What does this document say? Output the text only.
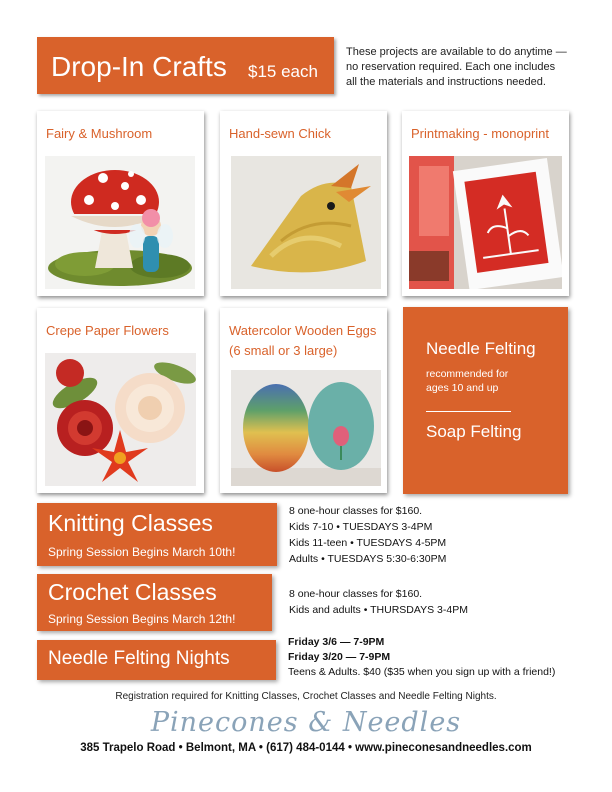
Drop-In Crafts $15 each
These projects are available to do anytime —
no reservation required. Each one includes
all the materials and instructions needed.
Fairy & Mushroom	Hand-sewn Chick	Printmaking - monoprint
Crepe Paper Flowers	Watercolor Wooden Eggs
(6 small or 3 large)	Needle Felting
recommended for
ages 10 and up
Soap Felting
Knitting Classes
Spring Session Begins March 10th!
8 one-hour classes for $160.
Kids 7-10 • TUESDAYS 3-4PM
Kids 11-teen • TUESDAYS 4-5PM
Adults • TUESDAYS 5:30-6:30PM
Crochet Classes
Spring Session Begins March 12th!
8 one-hour classes for $160.
Kids and adults • THURSDAYS 3-4PM
Needle Felting Nights
Friday 3/6 — 7-9PM
Friday 3/20 — 7-9PM
Teens & Adults. $40 ($35 when you sign up with a friend!)
Registration required for Knitting Classes, Crochet Classes and Needle Felting Nights.
Pinecones & Needles
385 Trapelo Road • Belmont, MA • (617) 484-0144 • www.pineconesandneedles.com
